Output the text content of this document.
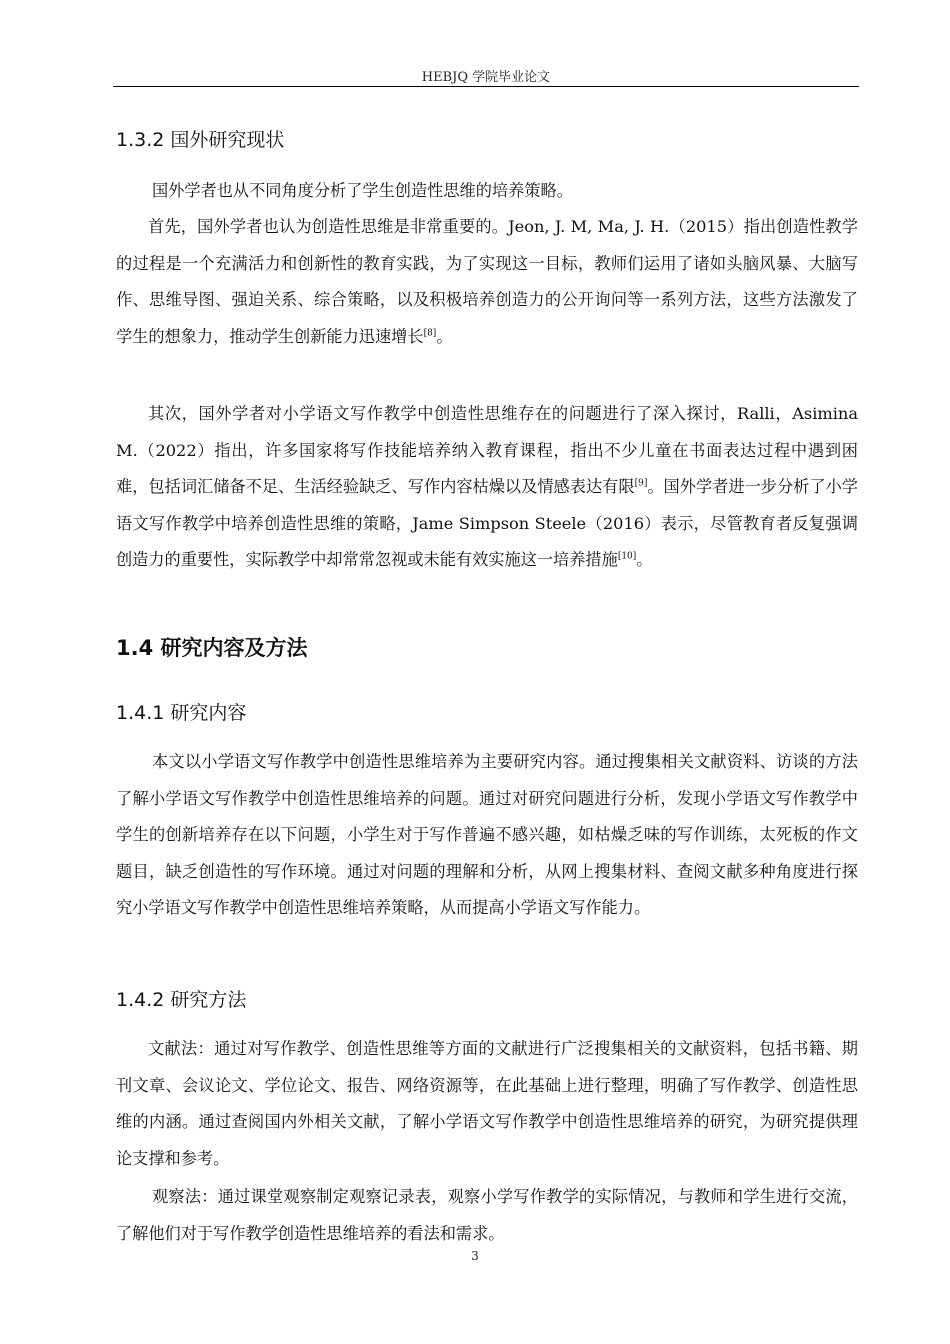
HEBJQ 学院毕业论文
1.3.2 国外研究现状

国外学者也从不同角度分析了学生创造性思维的培养策略。

首先，国外学者也认为创造性思维是非常重要的。Jeon, J. M, Ma, J. H.（2015）指出创造性教学的过程是一个充满活力和创新性的教育实践，为了实现这一目标，教师们运用了诸如头脑风暴、大脑写作、思维导图、强迫关系、综合策略，以及积极培养创造力的公开询问等一系列方法，这些方法激发了学生的想象力，推动学生创新能力迅速增长[8]。

其次，国外学者对小学语文写作教学中创造性思维存在的问题进行了深入探讨，Ralli，Asimina M.（2022）指出，许多国家将写作技能培养纳入教育课程，指出不少儿童在书面表达过程中遇到困难，包括词汇储备不足、生活经验缺乏、写作内容枯燥以及情感表达有限[9]。国外学者进一步分析了小学语文写作教学中培养创造性思维的策略，Jame Simpson Steele（2016）表示，尽管教育者反复强调创造力的重要性，实际教学中却常常忽视或未能有效实施这一培养措施[10]。

1.4 研究内容及方法
1.4.1 研究内容

本文以小学语文写作教学中创造性思维培养为主要研究内容。通过搜集相关文献资料、访谈的方法了解小学语文写作教学中创造性思维培养的问题。通过对研究问题进行分析，发现小学语文写作教学中学生的创新培养存在以下问题，小学生对于写作普遍不感兴趣，如枯燥乏味的写作训练，太死板的作文题目，缺乏创造性的写作环境。通过对问题的理解和分析，从网上搜集材料、查阅文献多种角度进行探究小学语文写作教学中创造性思维培养策略，从而提高小学语文写作能力。

1.4.2 研究方法

文献法：通过对写作教学、创造性思维等方面的文献进行广泛搜集相关的文献资料，包括书籍、期刊文章、会议论文、学位论文、报告、网络资源等，在此基础上进行整理，明确了写作教学、创造性思维的内涵。通过查阅国内外相关文献，了解小学语文写作教学中创造性思维培养的研究，为研究提供理论支撑和参考。

观察法：通过课堂观察制定观察记录表，观察小学写作教学的实际情况，与教师和学生进行交流，了解他们对于写作教学创造性思维培养的看法和需求。

3
